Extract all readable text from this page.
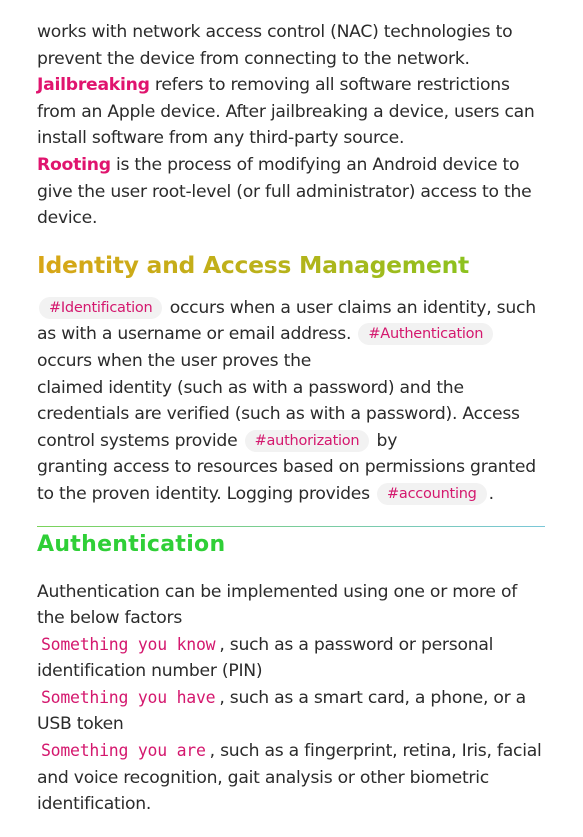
works with network access control (NAC) technologies to prevent the device from connecting to the network.
Jailbreaking refers to removing all software restrictions from an Apple device. After jailbreaking a device, users can install software from any third-party source.
Rooting is the process of modifying an Android device to give the user root-level (or full administrator) access to the device.

Identity and Access Management

#Identification occurs when a user claims an identity, such as with a username or email address. #Authentication occurs when the user proves the
claimed identity (such as with a password) and the credentials are verified (such as with a password). Access control systems provide #authorization by
granting access to resources based on permissions granted to the proven identity. Logging provides #accounting .

Authentication

Authentication can be implemented using one or more of the below factors
Something you know , such as a password or personal identification number (PIN)
Something you have , such as a smart card, a phone, or a USB token
Something you are , such as a fingerprint, retina, Iris, facial and voice recognition, gait analysis or other biometric identification.
